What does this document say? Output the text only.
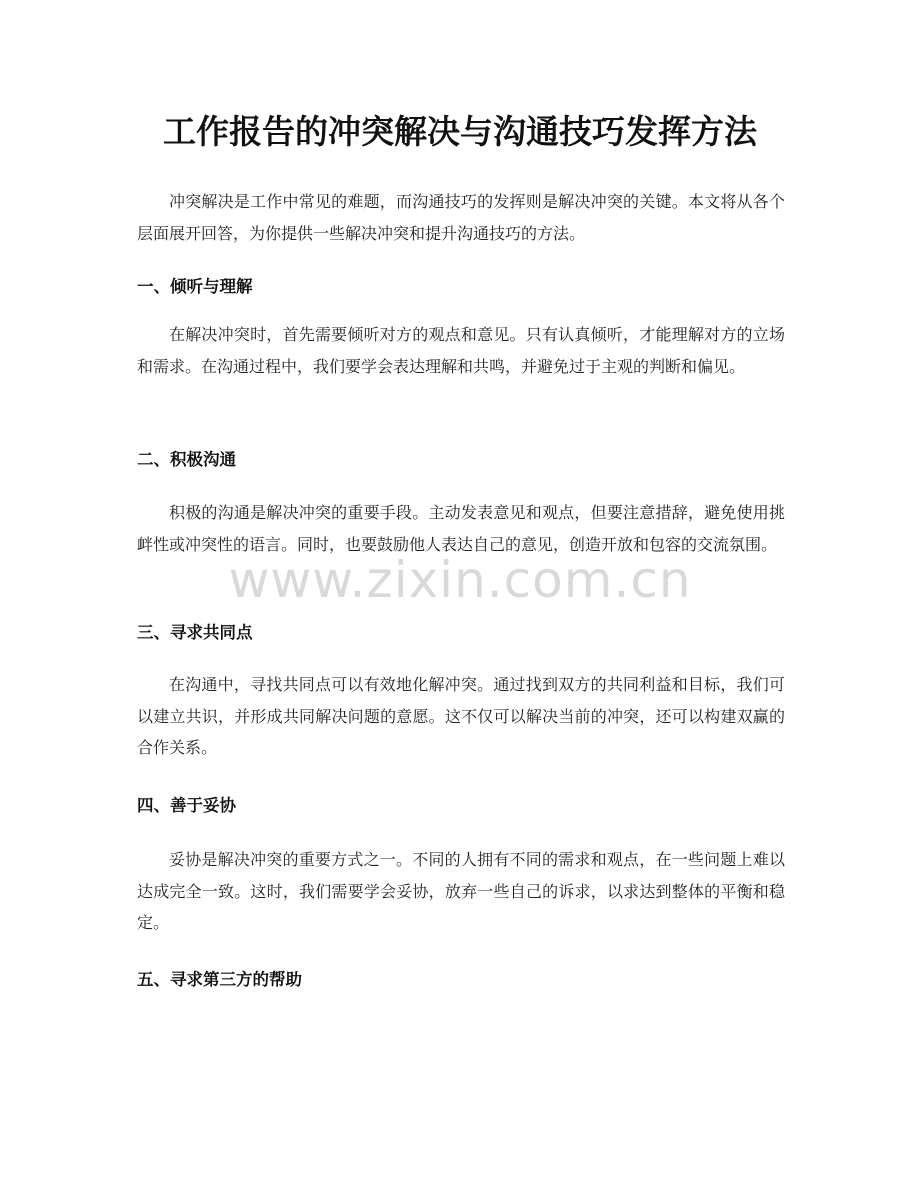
工作报告的冲突解决与沟通技巧发挥方法

冲突解决是工作中常见的难题，而沟通技巧的发挥则是解决冲突的关键。本文将从各个层面展开回答，为你提供一些解决冲突和提升沟通技巧的方法。

一、倾听与理解

在解决冲突时，首先需要倾听对方的观点和意见。只有认真倾听，才能理解对方的立场和需求。在沟通过程中，我们要学会表达理解和共鸣，并避免过于主观的判断和偏见。

二、积极沟通

积极的沟通是解决冲突的重要手段。主动发表意见和观点，但要注意措辞，避免使用挑衅性或冲突性的语言。同时，也要鼓励他人表达自己的意见，创造开放和包容的交流氛围。

三、寻求共同点

在沟通中，寻找共同点可以有效地化解冲突。通过找到双方的共同利益和目标，我们可以建立共识，并形成共同解决问题的意愿。这不仅可以解决当前的冲突，还可以构建双赢的合作关系。

四、善于妥协

妥协是解决冲突的重要方式之一。不同的人拥有不同的需求和观点，在一些问题上难以达成完全一致。这时，我们需要学会妥协，放弃一些自己的诉求，以求达到整体的平衡和稳定。

五、寻求第三方的帮助
www.zixin.com.cn
